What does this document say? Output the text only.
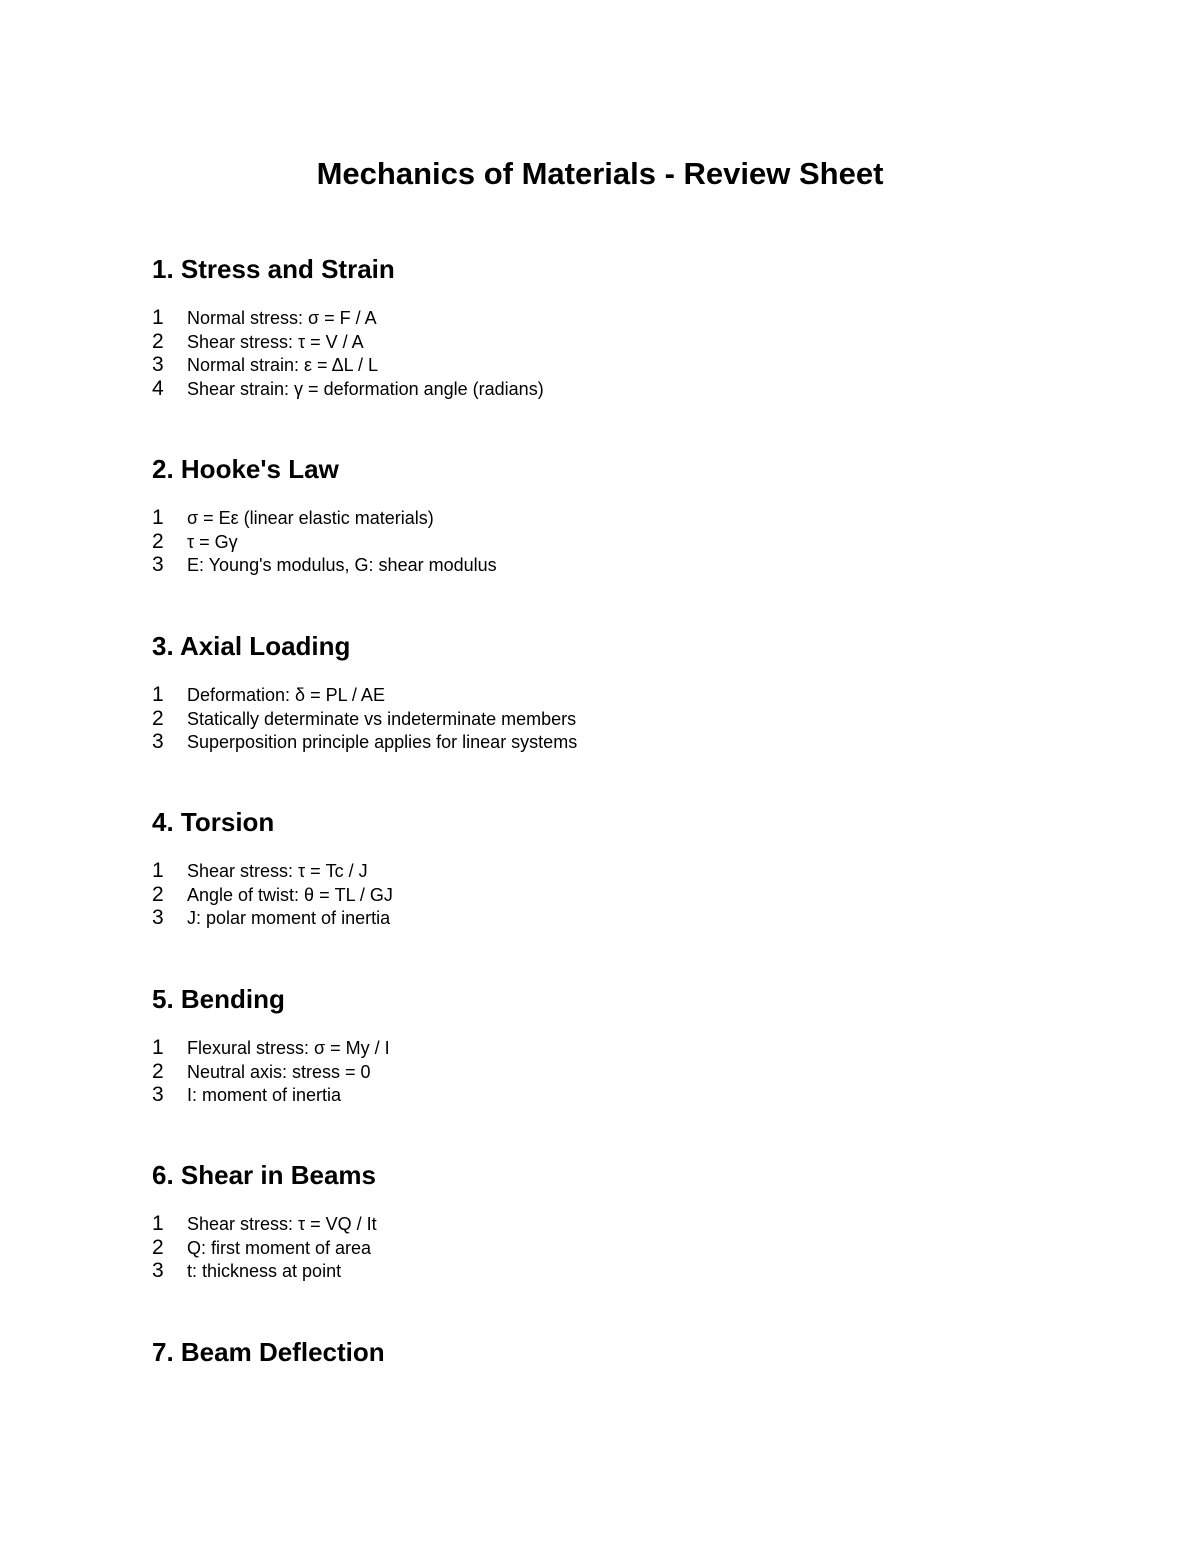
Mechanics of Materials - Review Sheet
1. Stress and Strain
1 Normal stress: σ = F / A
2 Shear stress: τ = V / A
3 Normal strain: ε = ΔL / L
4 Shear strain: γ = deformation angle (radians)
2. Hooke's Law
1 σ = Eε (linear elastic materials)
2 τ = Gγ
3 E: Young's modulus, G: shear modulus
3. Axial Loading
1 Deformation: δ = PL / AE
2 Statically determinate vs indeterminate members
3 Superposition principle applies for linear systems
4. Torsion
1 Shear stress: τ = Tc / J
2 Angle of twist: θ = TL / GJ
3 J: polar moment of inertia
5. Bending
1 Flexural stress: σ = My / I
2 Neutral axis: stress = 0
3 I: moment of inertia
6. Shear in Beams
1 Shear stress: τ = VQ / It
2 Q: first moment of area
3 t: thickness at point
7. Beam Deflection
